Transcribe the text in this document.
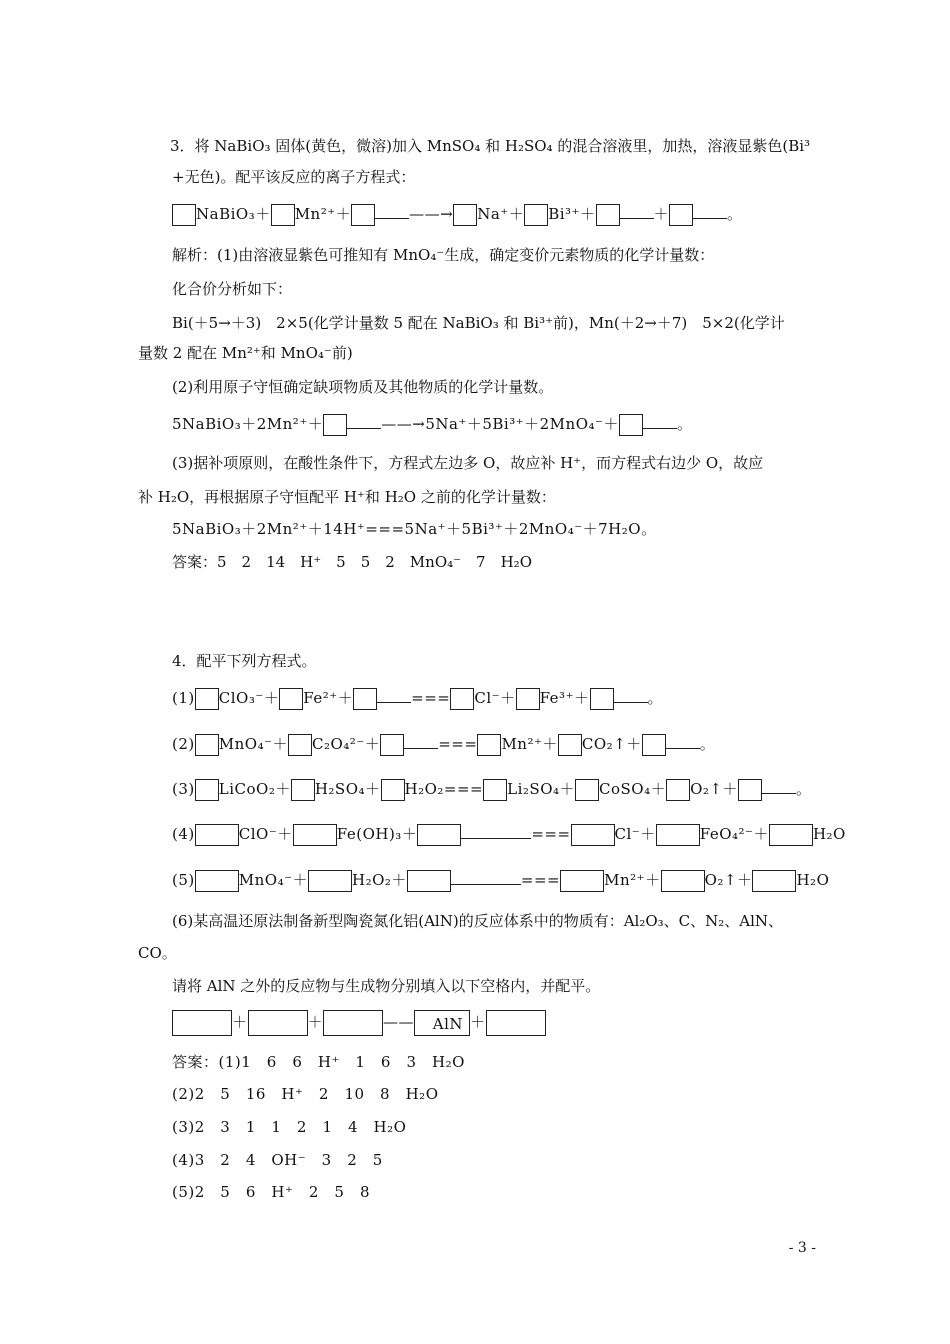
3．将 NaBiO₃ 固体(黄色，微溶)加入 MnSO₄ 和 H₂SO₄ 的混合溶液里，加热，溶液显紫色(Bi³
+无色)。配平该反应的离子方程式：
NaBiO₃＋ Mn²⁺＋	——→ Na⁺＋ Bi³⁺＋	＋	。
解析：(1)由溶液显紫色可推知有 MnO₄⁻生成，确定变价元素物质的化学计量数：
化合价分析如下：
Bi(＋5→＋3)　2×5(化学计量数 5 配在 NaBiO₃ 和 Bi³⁺前)，Mn(＋2→＋7)　5×2(化学计
量数 2 配在 Mn²⁺和 MnO₄⁻前)
(2)利用原子守恒确定缺项物质及其他物质的化学计量数。
5NaBiO₃＋2Mn²⁺＋	——→5Na⁺＋5Bi³⁺＋2MnO₄⁻＋	。
(3)据补项原则，在酸性条件下，方程式左边多 O，故应补 H⁺，而方程式右边少 O，故应
补 H₂O，再根据原子守恒配平 H⁺和 H₂O 之前的化学计量数：
5NaBiO₃＋2Mn²⁺＋14H⁺===5Na⁺＋5Bi³⁺＋2MnO₄⁻＋7H₂O。
答案：5　2　14　H⁺　5　5　2　MnO₄⁻　7　H₂O
4．配平下列方程式。
(1) ClO₃⁻＋ Fe²⁺＋	=== Cl⁻＋ Fe³⁺＋	。
(2) MnO₄⁻＋ C₂O₄²⁻＋	=== Mn²⁺＋ CO₂↑＋	。
(3) LiCoO₂＋ H₂SO₄＋ H₂O₂=== Li₂SO₄＋ CoSO₄＋ O₂↑＋	。
(4)	ClO⁻＋	Fe(OH)₃＋	===	Cl⁻＋	FeO₄²⁻＋	H₂O
(5)	MnO₄⁻＋	H₂O₂＋	===	Mn²⁺＋	O₂↑＋	H₂O
(6)某高温还原法制备新型陶瓷氮化铝(AlN)的反应体系中的物质有：Al₂O₃、C、N₂、AlN、
CO。
请将 AlN 之外的反应物与生成物分别填入以下空格内，并配平。
＋	＋	—— AlN ＋
答案：(1)1　6　6　H⁺　1　6　3　H₂O
(2)2　5　16　H⁺　2　10　8　H₂O
(3)2　3　1　1　2　1　4　H₂O
(4)3　2　4　OH⁻　3　2　5
(5)2　5　6　H⁺　2　5　8
- 3 -
